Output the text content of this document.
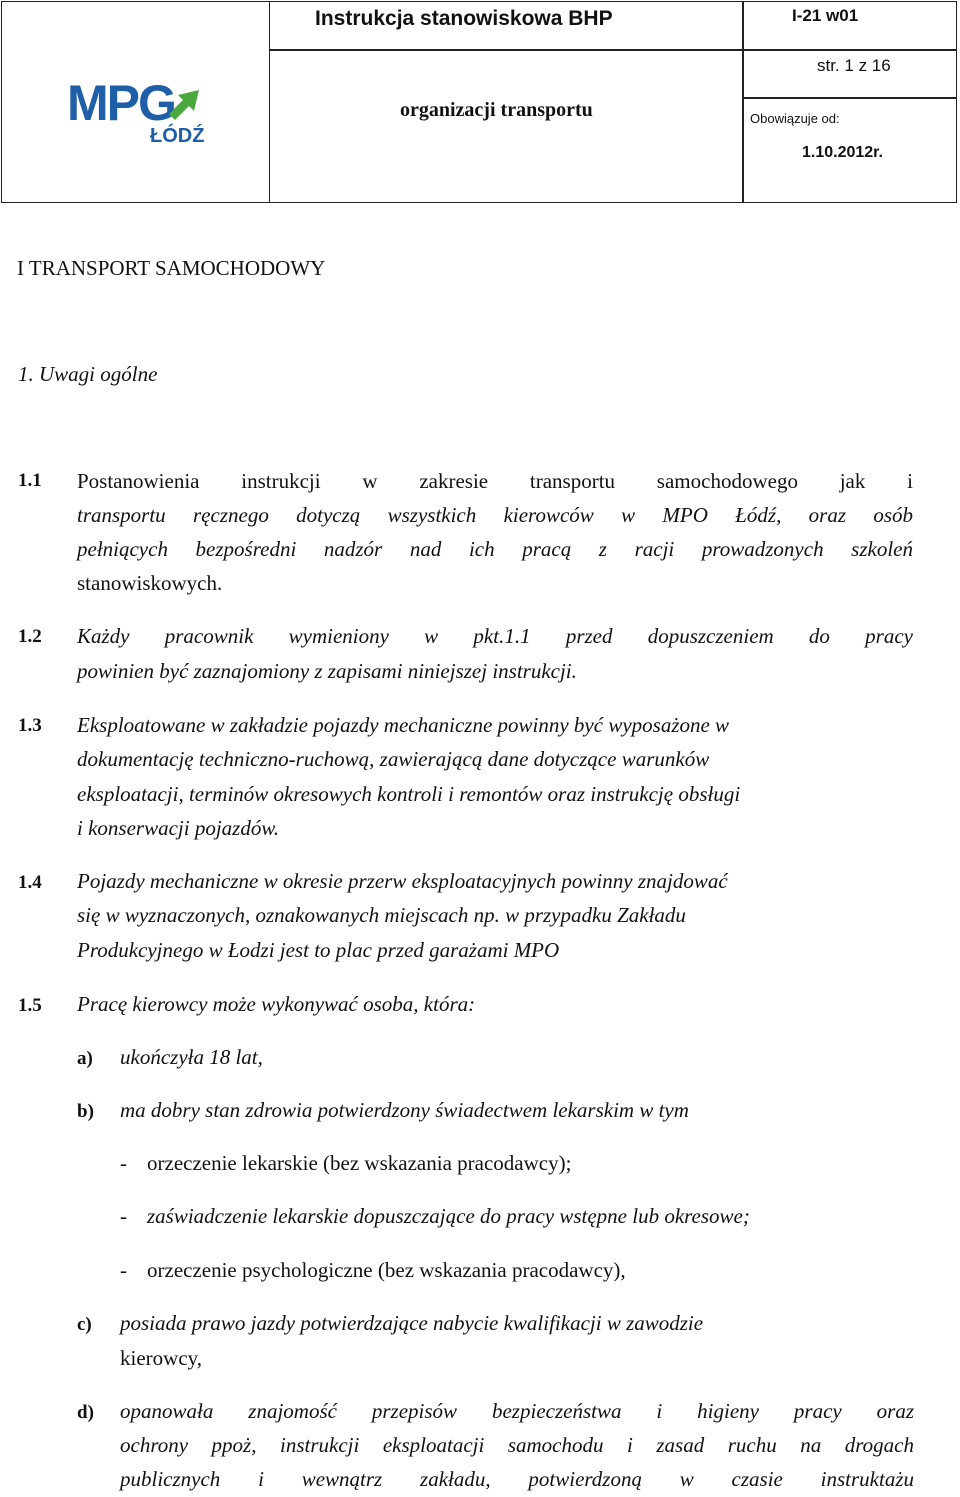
MPG
ŁÓDŹ
Instrukcja stanowiskowa BHP	I-21 w01
str. 1 z 16
organizacji transportu	Obowiązuje od:
1.10.2012r.
I TRANSPORT SAMOCHODOWY
1. Uwagi ogólne
1.1 Postanowienia instrukcji w zakresie transportu samochodowego jak i
transportu ręcznego dotyczą wszystkich kierowców w MPO Łódź, oraz osób
pełniących bezpośredni nadzór nad ich pracą z racji prowadzonych szkoleń
stanowiskowych.
1.2 Każdy pracownik wymieniony w pkt.1.1 przed dopuszczeniem do pracy
powinien być zaznajomiony z zapisami niniejszej instrukcji.
1.3 Eksploatowane w zakładzie pojazdy mechaniczne powinny być wyposażone w
dokumentację techniczno-ruchową, zawierającą dane dotyczące warunków
eksploatacji, terminów okresowych kontroli i remontów oraz instrukcję obsługi
i konserwacji pojazdów.
1.4 Pojazdy mechaniczne w okresie przerw eksploatacyjnych powinny znajdować
się w wyznaczonych, oznakowanych miejscach np. w przypadku Zakładu
Produkcyjnego w Łodzi jest to plac przed garażami MPO
1.5 Pracę kierowcy może wykonywać osoba, która:
a) ukończyła 18 lat,
b) ma dobry stan zdrowia potwierdzony świadectwem lekarskim w tym
- orzeczenie lekarskie (bez wskazania pracodawcy);
- zaświadczenie lekarskie dopuszczające do pracy wstępne lub okresowe;
- orzeczenie psychologiczne (bez wskazania pracodawcy),
c) posiada prawo jazdy potwierdzające nabycie kwalifikacji w zawodzie
kierowcy,
d) opanowała znajomość przepisów bezpieczeństwa i higieny pracy oraz
ochrony ppoż, instrukcji eksploatacji samochodu i zasad ruchu na drogach
publicznych i wewnątrz zakładu, potwierdzoną w czasie instruktażu
